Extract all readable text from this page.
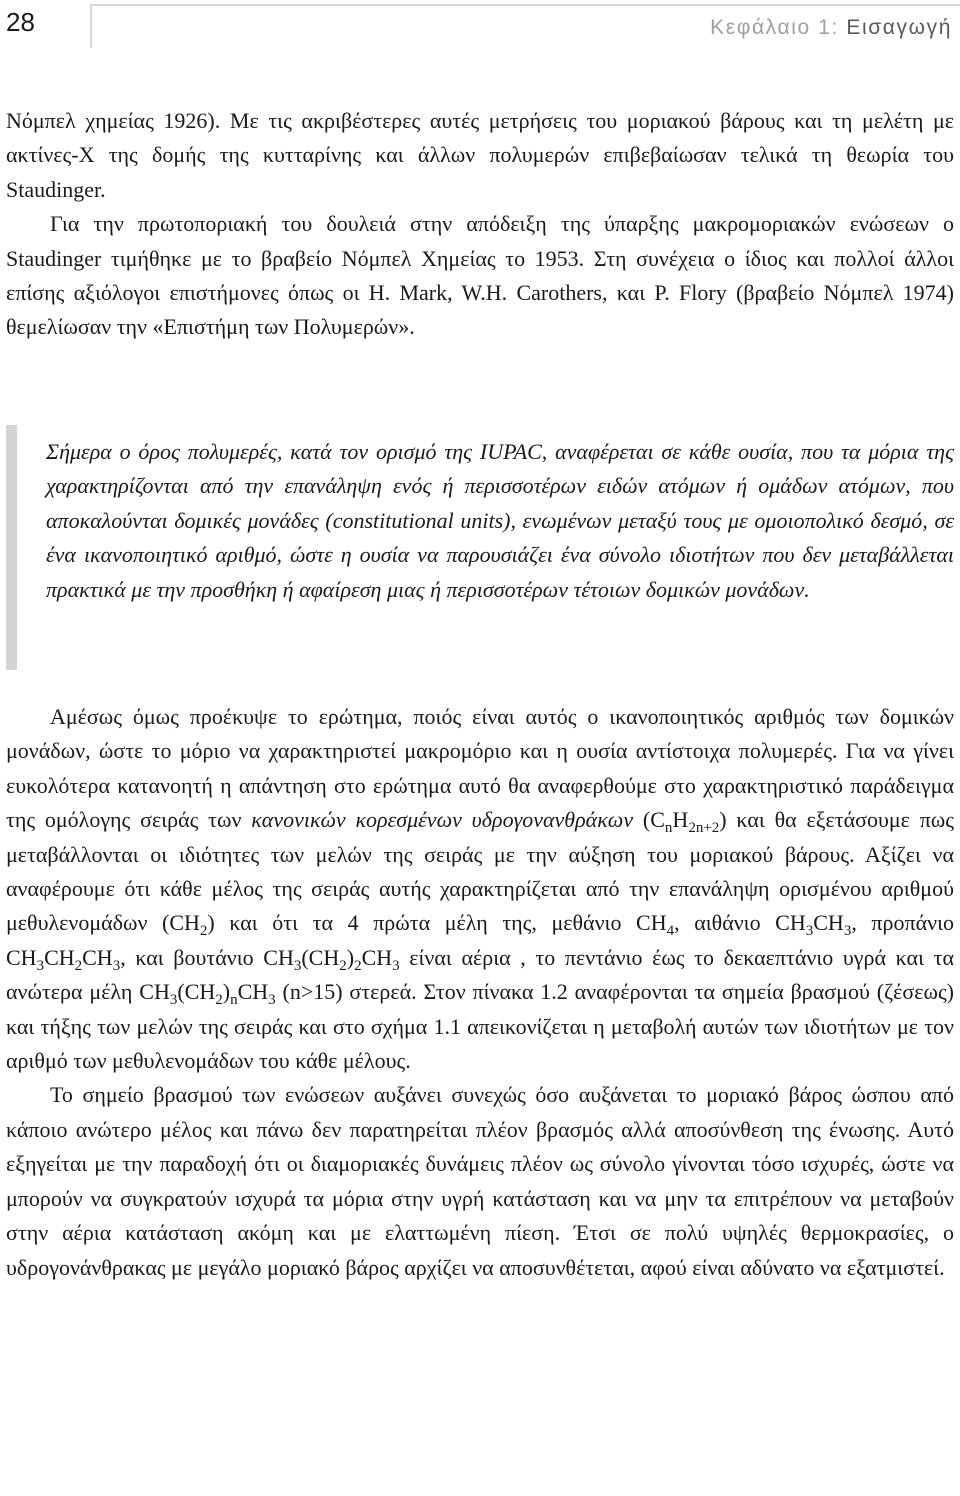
28	Κεφάλαιο 1: Εισαγωγή

Νόμπελ χημείας 1926). Με τις ακριβέστερες αυτές μετρήσεις του μοριακού βάρους και τη μελέτη με ακτίνες-Χ της δομής της κυτταρίνης και άλλων πολυμερών επιβεβαίωσαν τελικά τη θεωρία του Staudinger.

Για την πρωτοποριακή του δουλειά στην απόδειξη της ύπαρξης μακρομοριακών ενώσεων ο Staudinger τιμήθηκε με το βραβείο Νόμπελ Χημείας το 1953. Στη συνέχεια ο ίδιος και πολλοί άλλοι επίσης αξιόλογοι επιστήμονες όπως οι H. Mark, W.H. Carothers, και P. Flory (βραβείο Νόμπελ 1974) θεμελίωσαν την «Επιστήμη των Πολυμερών».

Σήμερα ο όρος πολυμερές, κατά τον ορισμό της IUPAC, αναφέρεται σε κάθε ουσία, που τα μόρια της χαρακτηρίζονται από την επανάληψη ενός ή περισσοτέρων ειδών ατόμων ή ομάδων ατόμων, που αποκαλούνται δομικές μονάδες (constitutional units), ενωμένων μεταξύ τους με ομοιοπολικό δεσμό, σε ένα ικανοποιητικό αριθμό, ώστε η ουσία να παρουσιάζει ένα σύνολο ιδιοτήτων που δεν μεταβάλλεται πρακτικά με την προσθήκη ή αφαίρεση μιας ή περισσοτέρων τέτοιων δομικών μονάδων.

Αμέσως όμως προέκυψε το ερώτημα, ποιός είναι αυτός ο ικανοποιητικός αριθμός των δομικών μονάδων, ώστε το μόριο να χαρακτηριστεί μακρομόριο και η ουσία αντίστοιχα πολυμερές. Για να γίνει ευκολότερα κατανοητή η απάντηση στο ερώτημα αυτό θα αναφερθούμε στο χαρακτηριστικό παράδειγμα της ομόλογης σειράς των κανονικών κορεσμένων υδρογονανθράκων $(C_nH_{2n+2})$ και θα εξετάσουμε πως μεταβάλλονται οι ιδιότητες των μελών της σειράς με την αύξηση του μοριακού βάρους. Αξίζει να αναφέρουμε ότι κάθε μέλος της σειράς αυτής χαρακτηρίζεται από την επανάληψη ορισμένου αριθμού μεθυλενομάδων $(CH_2)$ και ότι τα 4 πρώτα μέλη της, μεθάνιο $CH_4$, αιθάνιο $CH_3CH_3$, προπάνιο $CH_3CH_2CH_3$, και βουτάνιο $CH_3(CH_2)_2CH_3$ είναι αέρια , το πεντάνιο έως το δεκαεπτάνιο υγρά και τα ανώτερα μέλη $CH_3(CH_2)_nCH_3$ (n>15) στερεά. Στον πίνακα 1.2 αναφέρονται τα σημεία βρασμού (ζέσεως) και τήξης των μελών της σειράς και στο σχήμα 1.1 απεικονίζεται η μεταβολή αυτών των ιδιοτήτων με τον αριθμό των μεθυλενομάδων του κάθε μέλους.

Το σημείο βρασμού των ενώσεων αυξάνει συνεχώς όσο αυξάνεται το μοριακό βάρος ώσπου από κάποιο ανώτερο μέλος και πάνω δεν παρατηρείται πλέον βρασμός αλλά αποσύνθεση της ένωσης. Αυτό εξηγείται με την παραδοχή ότι οι διαμοριακές δυνάμεις πλέον ως σύνολο γίνονται τόσο ισχυρές, ώστε να μπορούν να συγκρατούν ισχυρά τα μόρια στην υγρή κατάσταση και να μην τα επιτρέπουν να μεταβούν στην αέρια κατάσταση ακόμη και με ελαττωμένη πίεση. Έτσι σε πολύ υψηλές θερμοκρασίες, ο υδρογονάνθρακας με μεγάλο μοριακό βάρος αρχίζει να αποσυνθέτεται, αφού είναι αδύνατο να εξατμιστεί.
